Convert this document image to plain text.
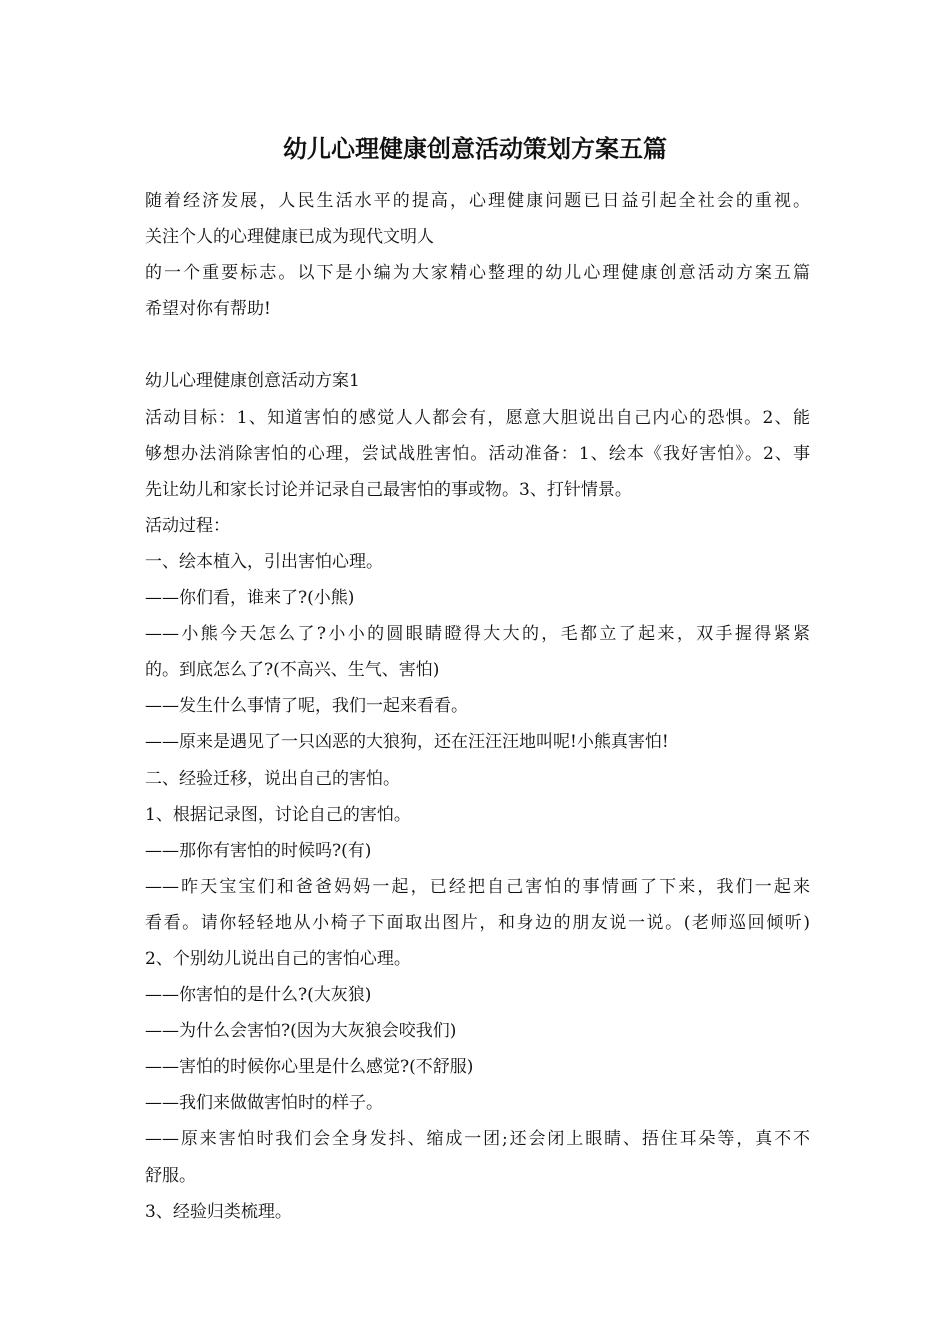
幼儿心理健康创意活动策划方案五篇

随着经济发展，人民生活水平的提高，心理健康问题已日益引起全社会的重视。

关注个人的心理健康已成为现代文明人

的一个重要标志。以下是小编为大家精心整理的幼儿心理健康创意活动方案五篇

希望对你有帮助!

幼儿心理健康创意活动方案1

活动目标：1、知道害怕的感觉人人都会有，愿意大胆说出自己内心的恐惧。2、能

够想办法消除害怕的心理，尝试战胜害怕。活动准备：1、绘本《我好害怕》。2、事

先让幼儿和家长讨论并记录自己最害怕的事或物。3、打针情景。

活动过程：

一、绘本植入，引出害怕心理。

——你们看，谁来了?(小熊)

——小熊今天怎么了?小小的圆眼睛瞪得大大的，毛都立了起来，双手握得紧紧

的。到底怎么了?(不高兴、生气、害怕)

——发生什么事情了呢，我们一起来看看。

——原来是遇见了一只凶恶的大狼狗，还在汪汪汪地叫呢!小熊真害怕!

二、经验迁移，说出自己的害怕。

1、根据记录图，讨论自己的害怕。

——那你有害怕的时候吗?(有)

——昨天宝宝们和爸爸妈妈一起，已经把自己害怕的事情画了下来，我们一起来

看看。请你轻轻地从小椅子下面取出图片，和身边的朋友说一说。(老师巡回倾听)

2、个别幼儿说出自己的害怕心理。

——你害怕的是什么?(大灰狼)

——为什么会害怕?(因为大灰狼会咬我们)

——害怕的时候你心里是什么感觉?(不舒服)

——我们来做做害怕时的样子。

——原来害怕时我们会全身发抖、缩成一团;还会闭上眼睛、捂住耳朵等，真不不

舒服。

3、经验归类梳理。
